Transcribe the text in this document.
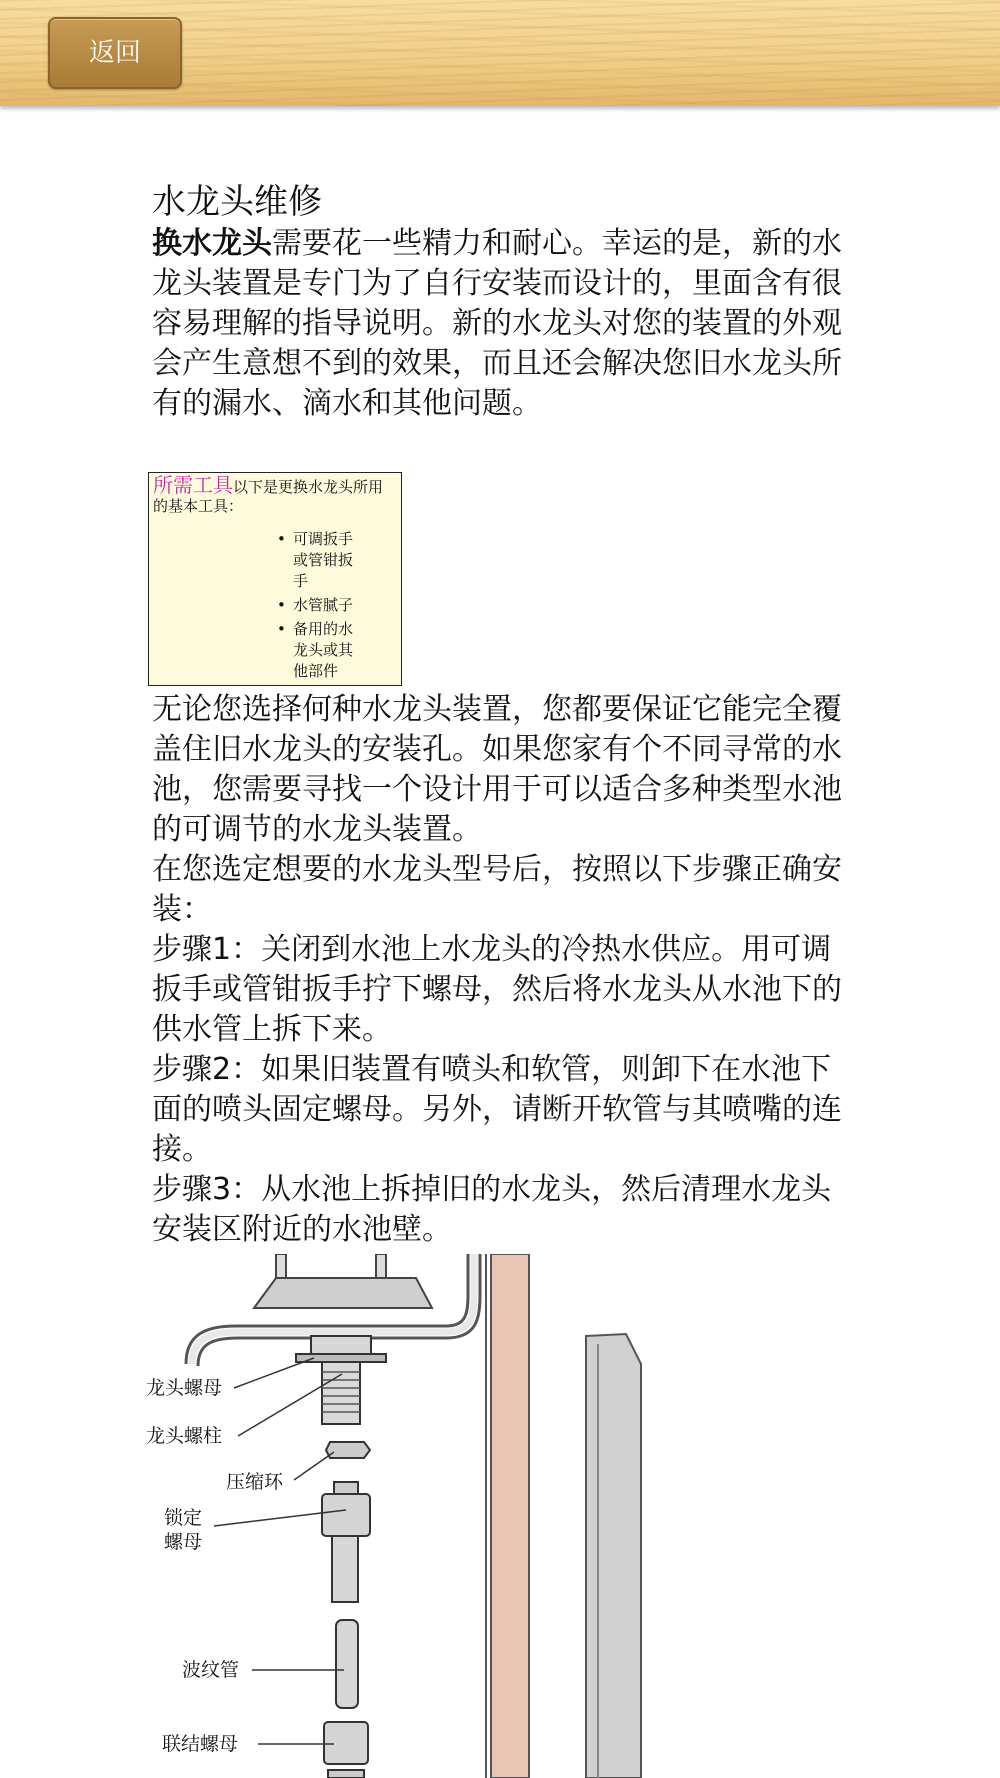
返回
水龙头维修

换水龙头需要花一些精力和耐心。幸运的是，新的水龙头装置是专门为了自行安装而设计的，里面含有很容易理解的指导说明。新的水龙头对您的装置的外观会产生意想不到的效果，而且还会解决您旧水龙头所有的漏水、滴水和其他问题。

所需工具以下是更换水龙头所用的基本工具：
• 可调扳手或管钳扳手
• 水管腻子
• 备用的水龙头或其他部件

无论您选择何种水龙头装置，您都要保证它能完全覆盖住旧水龙头的安装孔。如果您家有个不同寻常的水池，您需要寻找一个设计用于可以适合多种类型水池的可调节的水龙头装置。

在您选定想要的水龙头型号后，按照以下步骤正确安装：

步骤1：关闭到水池上水龙头的冷热水供应。用可调扳手或管钳扳手拧下螺母，然后将水龙头从水池下的供水管上拆下来。

步骤2：如果旧装置有喷头和软管，则卸下在水池下面的喷头固定螺母。另外，请断开软管与其喷嘴的连接。

步骤3：从水池上拆掉旧的水龙头，然后清理水龙头安装区附近的水池壁。

龙头螺母
龙头螺柱
压缩环
锁定
螺母
波纹管
联结螺母
